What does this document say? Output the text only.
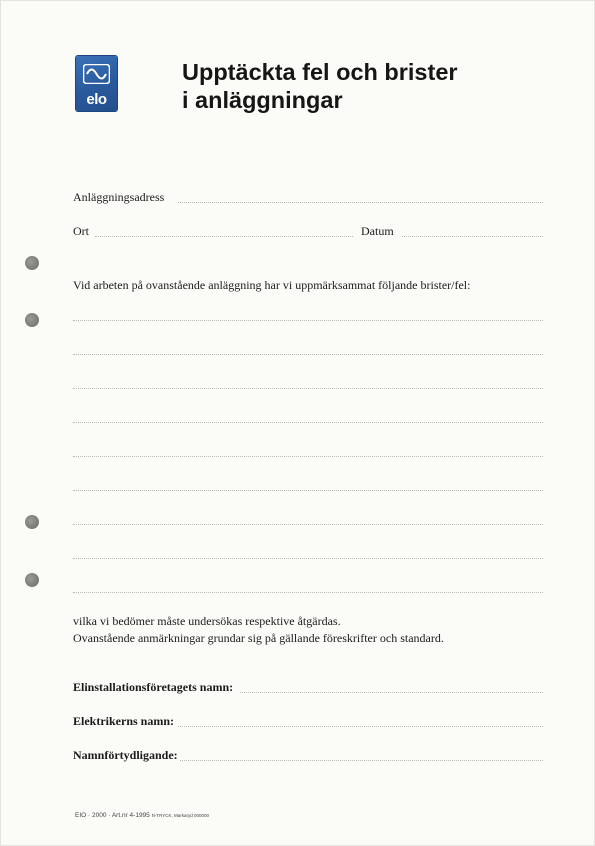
elo
Upptäckta fel och brister
i anläggningar
Anläggningsadress
Ort	Datum
Vid arbeten på ovanstående anläggning har vi uppmärksammat följande brister/fel:
vilka vi bedömer måste undersökas respektive åtgärdas.
Ovanstående anmärkningar grundar sig på gällande föreskrifter och standard.
Elinstallationsföretagets namn:
Elektrikerns namn:
Namnförtydligande:
EIO · 2000 · Art.nr 4-1995 N-TRYCK, Markaryd 000000
